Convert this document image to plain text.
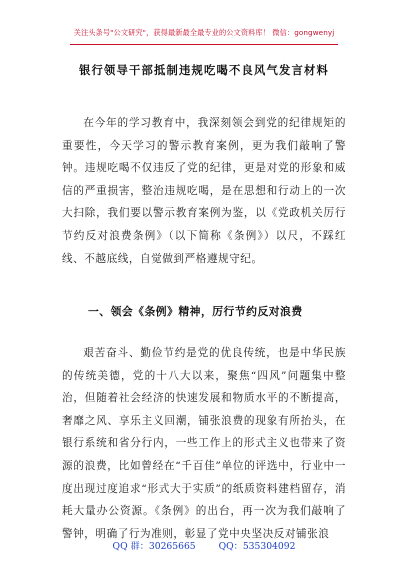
关注头条号"公文研究"，获得最新最全最专业的公文资料库！ 微信：gongwenyj
银行领导干部抵制违规吃喝不良风气发言材料
在今年的学习教育中，我深刻领会到党的纪律规矩的重要性，今天学习的警示教育案例，更为我们敲响了警钟。违规吃喝不仅违反了党的纪律，更是对党的形象和威信的严重损害，整治违规吃喝，是在思想和行动上的一次大扫除，我们要以警示教育案例为鉴，以《党政机关厉行节约反对浪费条例》（以下简称《条例》）以尺，不踩红线、不越底线，自觉做到严格遵规守纪。
一、领会《条例》精神，厉行节约反对浪费
艰苦奋斗、勤俭节约是党的优良传统，也是中华民族的传统美德，党的十八大以来，聚焦“四风”问题集中整治，但随着社会经济的快速发展和物质水平的不断提高，奢靡之风、享乐主义回潮，铺张浪费的现象有所抬头，在银行系统和省分行内，一些工作上的形式主义也带来了资源的浪费，比如曾经在“千百佳”单位的评选中，行业中一度出现过度追求“形式大于实质”的纸质资料建档留存，消耗大量办公资源。《条例》的出台，再一次为我们敲响了警钟，明确了行为准则，彰显了党中央坚决反对铺张浪
QQ 群：30265665 QQ：535304092
